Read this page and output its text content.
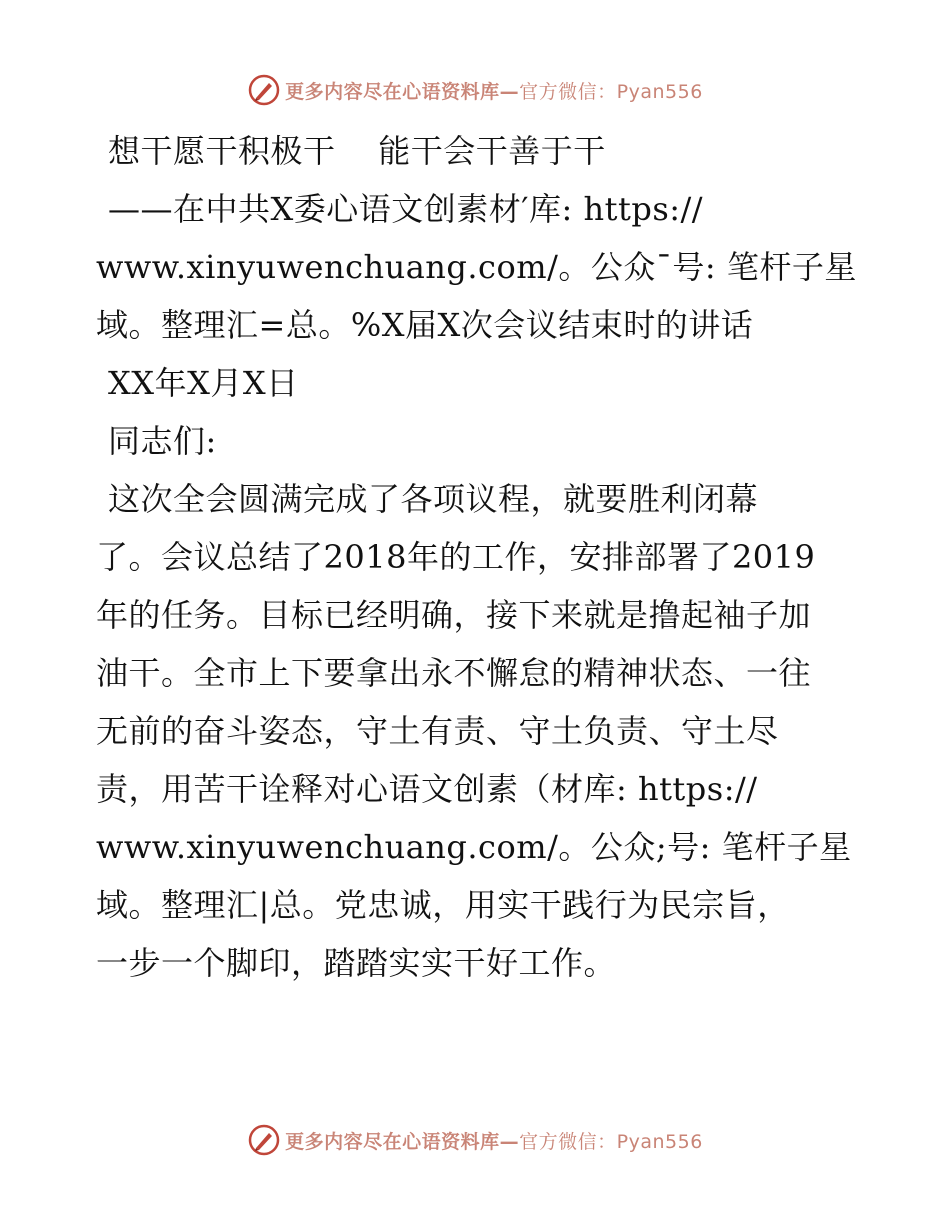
更多内容尽在心语资料库—官方微信：Pyan556
想干愿干积极干    能干会干善于干
——在中共X委心语文创素材′库: https://
www.xinyuwenchuang.com/。公众¯号: 笔杆子星
域。整理汇=总。%X届X次会议结束时的讲话
XX年X月X日
同志们:
这次全会圆满完成了各项议程，就要胜利闭幕
了。会议总结了2018年的工作，安排部署了2019
年的任务。目标已经明确，接下来就是撸起袖子加
油干。全市上下要拿出永不懈怠的精神状态、一往
无前的奋斗姿态，守土有责、守土负责、守土尽
责，用苦干诠释对心语文创素（材库: https://
www.xinyuwenchuang.com/。公众;号: 笔杆子星
域。整理汇|总。党忠诚，用实干践行为民宗旨，
一步一个脚印，踏踏实实干好工作。
更多内容尽在心语资料库—官方微信：Pyan556
